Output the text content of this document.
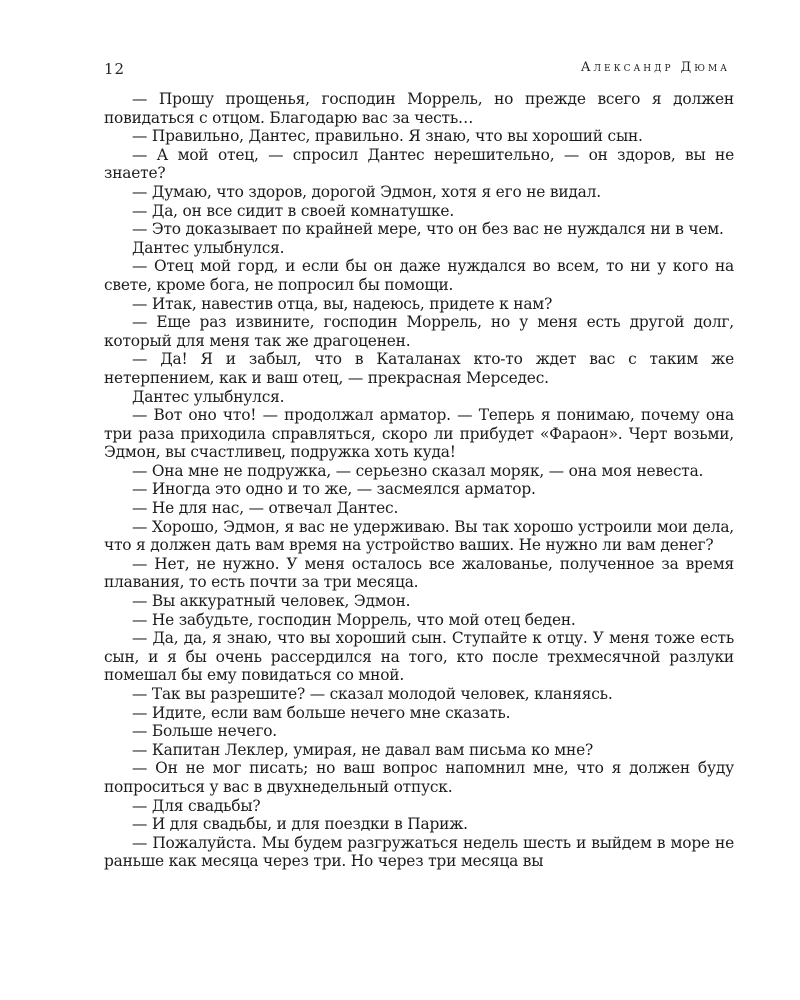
12	Александр Дюма

— Прошу прощенья, господин Моррель, но прежде всего я должен повидаться с отцом. Благодарю вас за честь…

— Правильно, Дантес, правильно. Я знаю, что вы хороший сын.

— А мой отец, — спросил Дантес нерешительно, — он здоров, вы не знаете?

— Думаю, что здоров, дорогой Эдмон, хотя я его не видал.

— Да, он все сидит в своей комнатушке.

— Это доказывает по крайней мере, что он без вас не нуждался ни в чем.

Дантес улыбнулся.

— Отец мой горд, и если бы он даже нуждался во всем, то ни у кого на свете, кроме бога, не попросил бы помощи.

— Итак, навестив отца, вы, надеюсь, придете к нам?

— Еще раз извините, господин Моррель, но у меня есть другой долг, который для меня так же драгоценен.

— Да! Я и забыл, что в Каталанах кто-то ждет вас с таким же нетерпением, как и ваш отец, — прекрасная Мерседес.

Дантес улыбнулся.

— Вот оно что! — продолжал арматор. — Теперь я понимаю, почему она три раза приходила справляться, скоро ли прибудет «Фараон». Черт возьми, Эдмон, вы счастливец, подружка хоть куда!

— Она мне не подружка, — серьезно сказал моряк, — она моя невеста.

— Иногда это одно и то же, — засмеялся арматор.

— Не для нас, — отвечал Дантес.

— Хорошо, Эдмон, я вас не удерживаю. Вы так хорошо устроили мои дела, что я должен дать вам время на устройство ваших. Не нужно ли вам денег?

— Нет, не нужно. У меня осталось все жалованье, полученное за время плавания, то есть почти за три месяца.

— Вы аккуратный человек, Эдмон.

— Не забудьте, господин Моррель, что мой отец беден.

— Да, да, я знаю, что вы хороший сын. Ступайте к отцу. У меня тоже есть сын, и я бы очень рассердился на того, кто после трехмесячной разлуки помешал бы ему повидаться со мной.

— Так вы разрешите? — сказал молодой человек, кланяясь.

— Идите, если вам больше нечего мне сказать.

— Больше нечего.

— Капитан Леклер, умирая, не давал вам письма ко мне?

— Он не мог писать; но ваш вопрос напомнил мне, что я должен буду попроситься у вас в двухнедельный отпуск.

— Для свадьбы?

— И для свадьбы, и для поездки в Париж.

— Пожалуйста. Мы будем разгружаться недель шесть и выйдем в море не раньше как месяца через три. Но через три месяца вы
